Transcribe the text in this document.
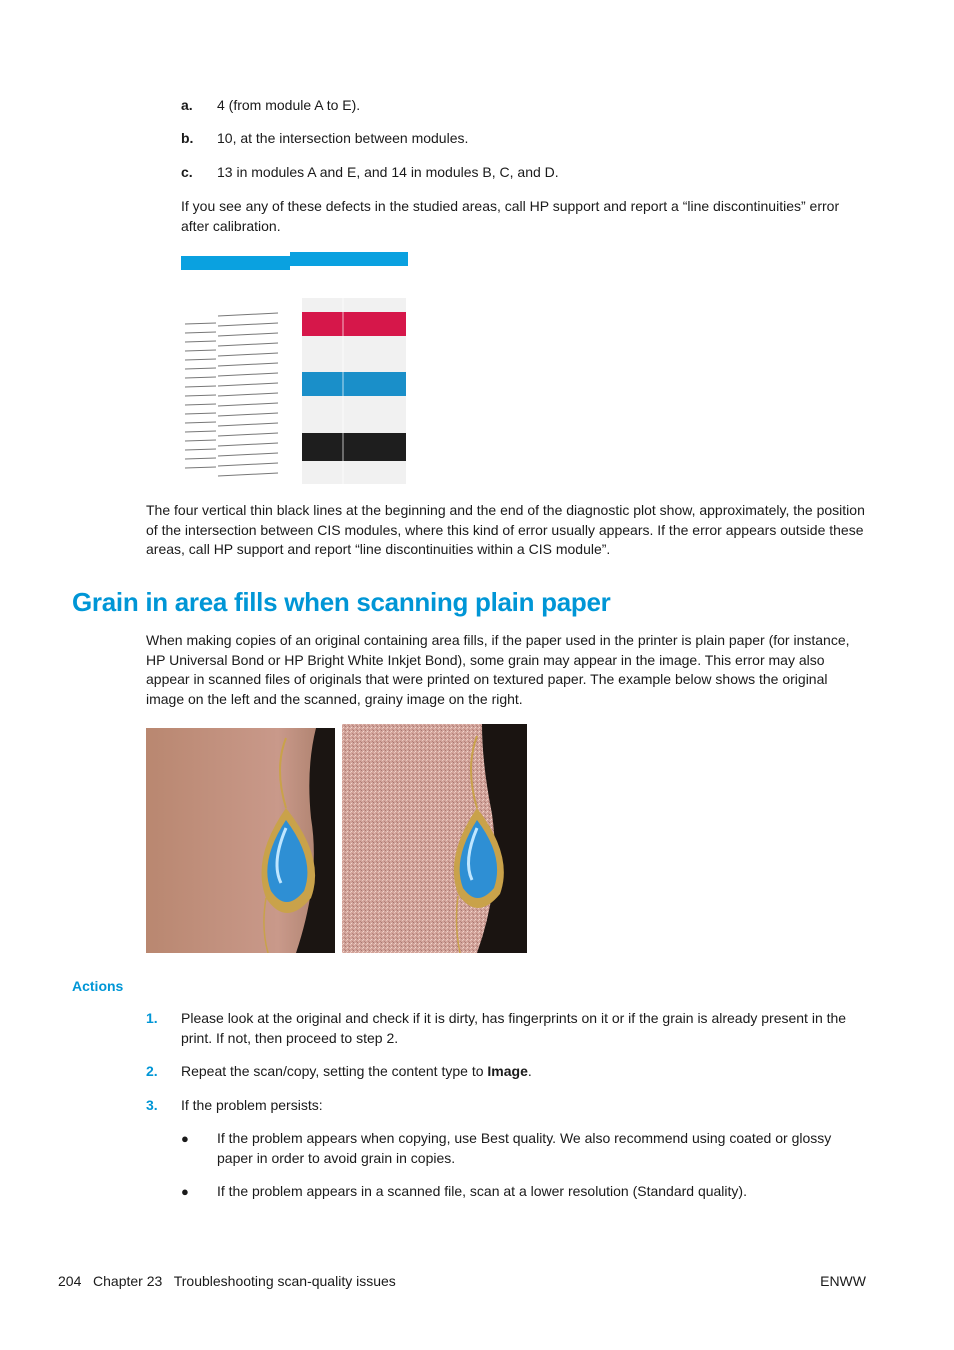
a. 4 (from module A to E).
b. 10, at the intersection between modules.
c. 13 in modules A and E, and 14 in modules B, C, and D.

If you see any of these defects in the studied areas, call HP support and report a “line discontinuities” error after calibration.

The four vertical thin black lines at the beginning and the end of the diagnostic plot show, approximately, the position of the intersection between CIS modules, where this kind of error usually appears. If the error appears outside these areas, call HP support and report “line discontinuities within a CIS module”.

Grain in area fills when scanning plain paper

When making copies of an original containing area fills, if the paper used in the printer is plain paper (for instance, HP Universal Bond or HP Bright White Inkjet Bond), some grain may appear in the image. This error may also appear in scanned files of originals that were printed on textured paper. The example below shows the original image on the left and the scanned, grainy image on the right.

Actions
1. Please look at the original and check if it is dirty, has fingerprints on it or if the grain is already present in the print. If not, then proceed to step 2.
2. Repeat the scan/copy, setting the content type to Image.
3. If the problem persists:
● If the problem appears when copying, use Best quality. We also recommend using coated or glossy paper in order to avoid grain in copies.
● If the problem appears in a scanned file, scan at a lower resolution (Standard quality).
204 Chapter 23 Troubleshooting scan-quality issues	ENWW
